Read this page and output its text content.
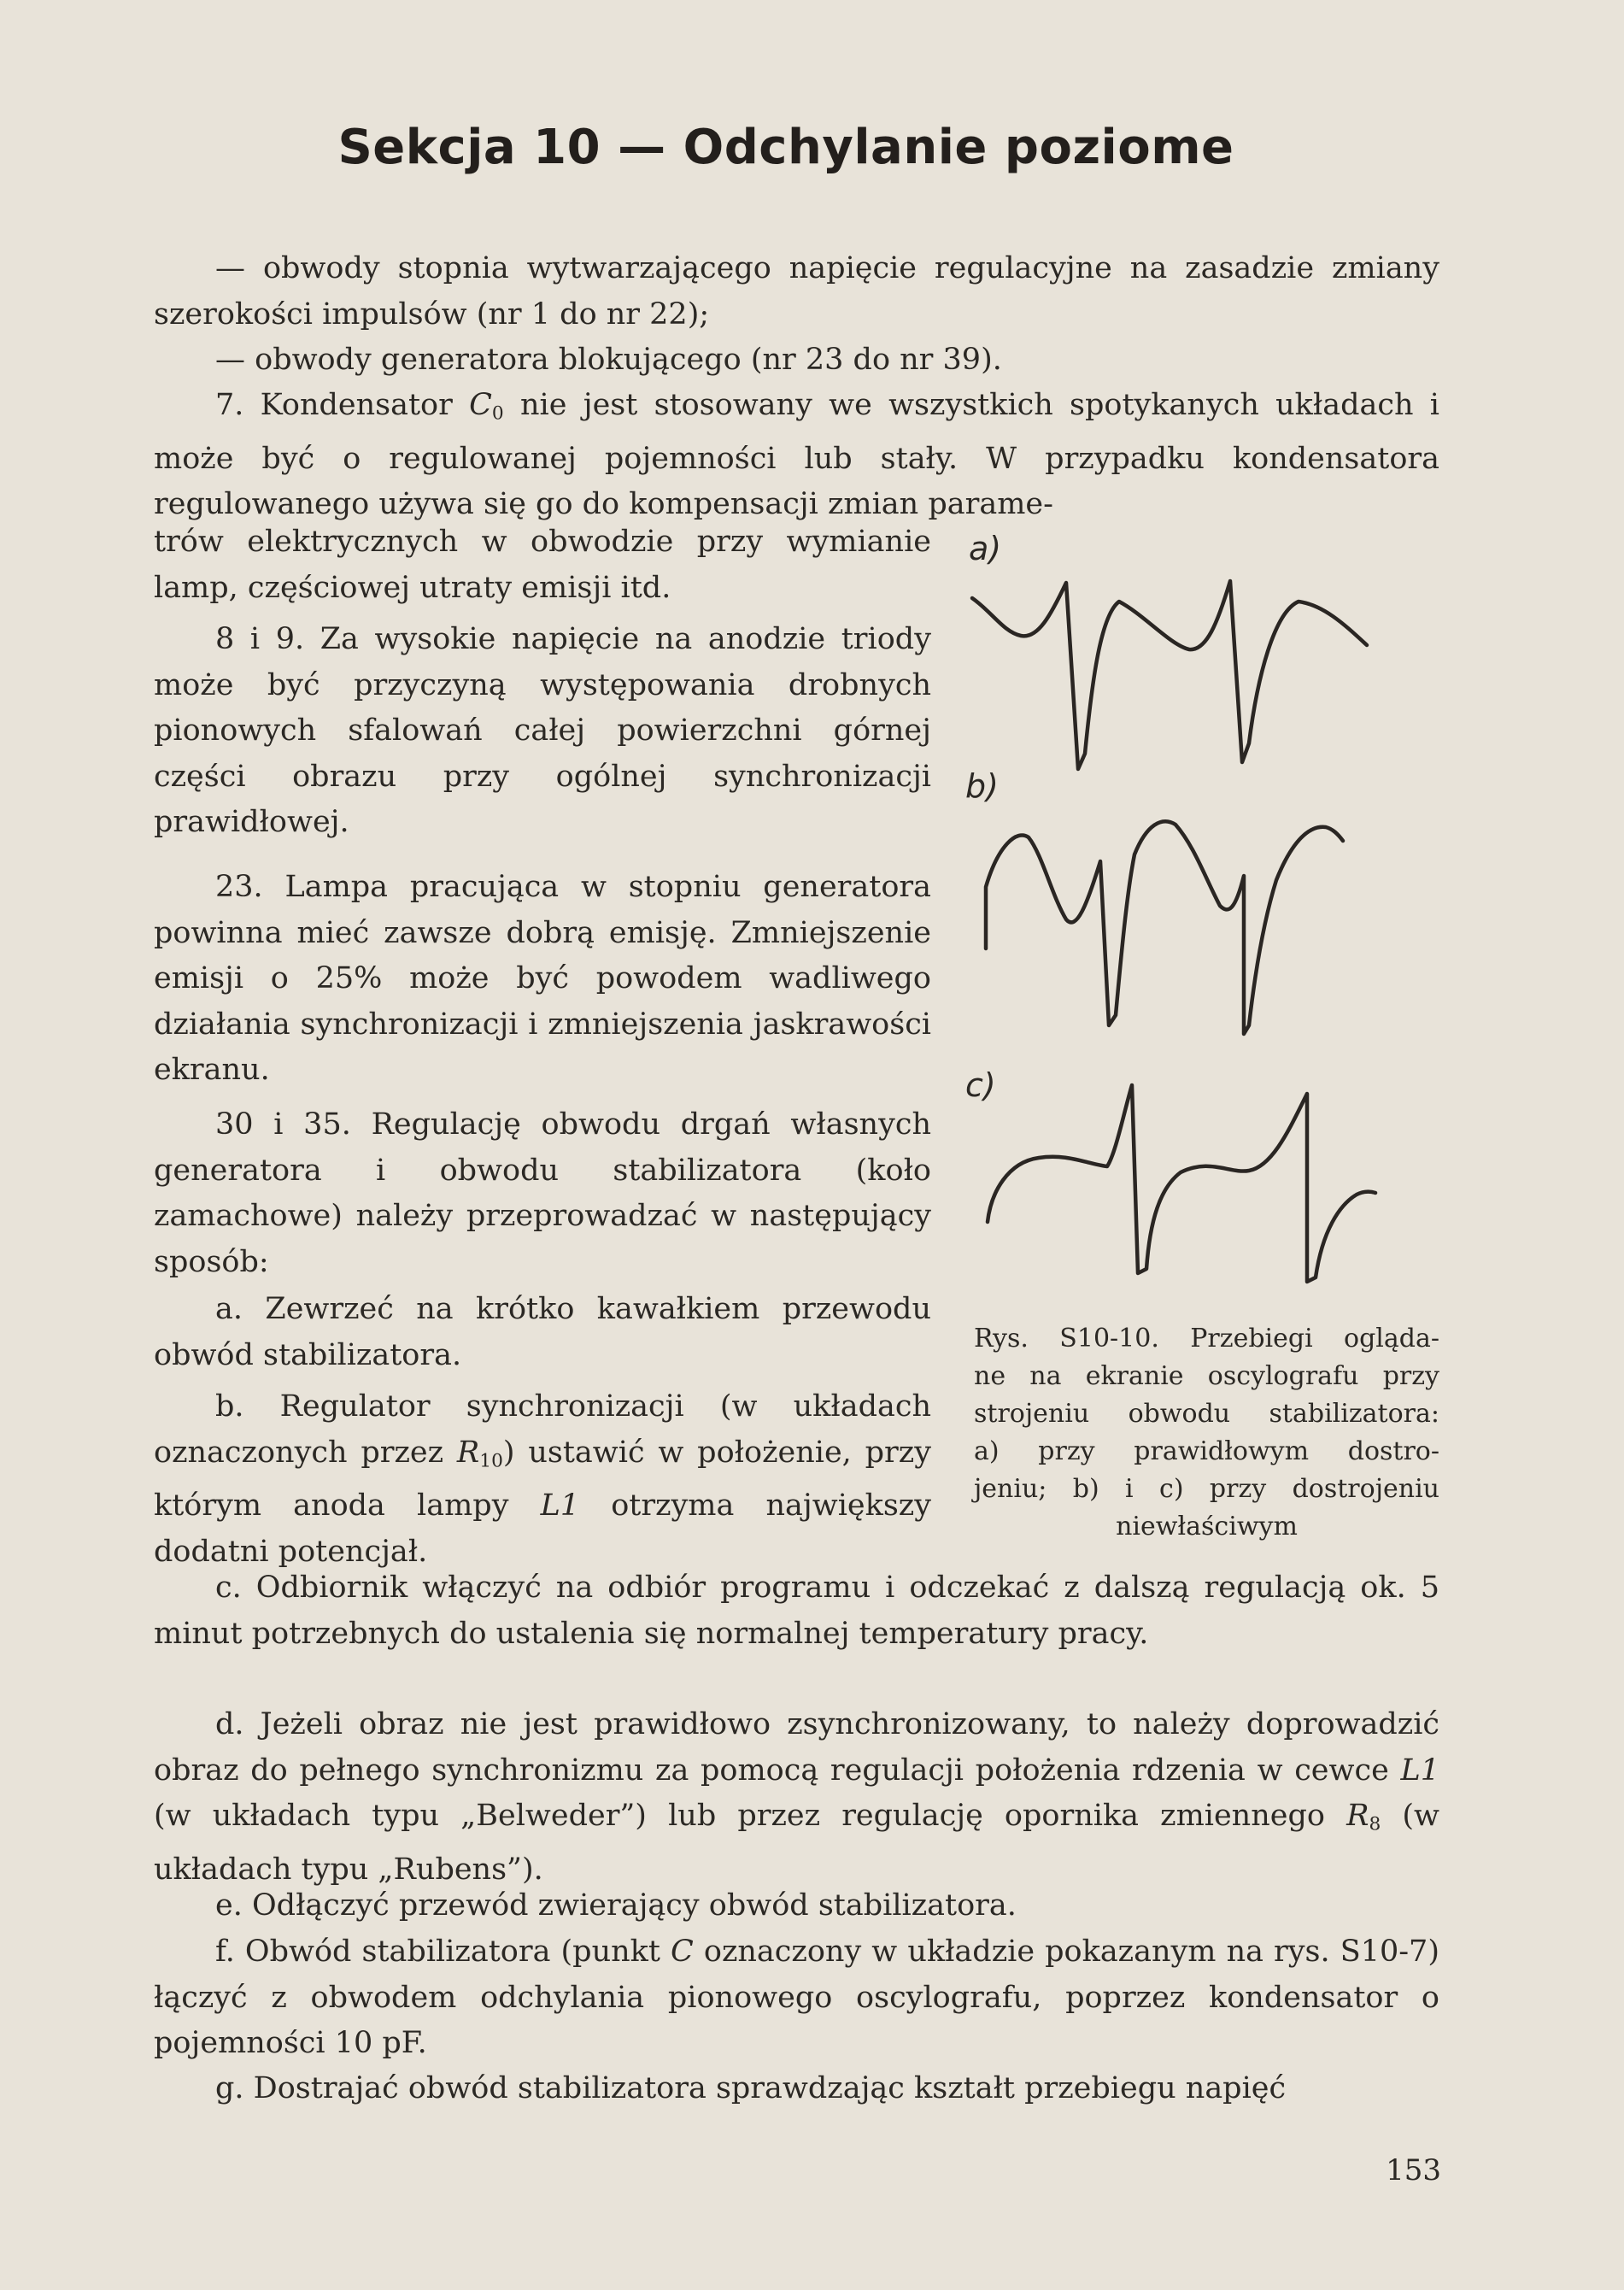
Sekcja 10 — Odchylanie poziome

— obwody stopnia wytwarzającego napięcie regulacyjne na zasadzie zmiany szerokości impulsów (nr 1 do nr 22);

— obwody generatora blokującego (nr 23 do nr 39).

7. Kondensator $C_0$ nie jest stosowany we wszystkich spotykanych układach i może być o regulowanej pojemności lub stały. W przypadku kondensatora regulowanego używa się go do kompensacji zmian parame-

trów elektrycznych w obwodzie przy wymianie lamp, częściowej utraty emisji itd.

8 i 9. Za wysokie napięcie na anodzie triody może być przyczyną występowania drobnych pionowych sfalowań całej powierzchni górnej części obrazu przy ogólnej synchronizacji prawidłowej.

23. Lampa pracująca w stopniu generatora powinna mieć zawsze dobrą emisję. Zmniejszenie emisji o 25% może być powodem wadliwego działania synchronizacji i zmniejszenia jaskrawości ekranu.

30 i 35. Regulację obwodu drgań własnych generatora i obwodu stabilizatora (koło zamachowe) należy przeprowadzać w następujący sposób:

a. Zewrzeć na krótko kawałkiem przewodu obwód stabilizatora.

b. Regulator synchronizacji (w układach oznaczonych przez $R_{10}$) ustawić w położenie, przy którym anoda lampy L1 otrzyma największy dodatni potencjał.

c. Odbiornik włączyć na odbiór programu i odczekać z dalszą regulacją ok. 5 minut potrzebnych do ustalenia się normalnej temperatury pracy.

d. Jeżeli obraz nie jest prawidłowo zsynchronizowany, to należy doprowadzić obraz do pełnego synchronizmu za pomocą regulacji położenia rdzenia w cewce L1 (w układach typu „Belweder”) lub przez regulację opornika zmiennego $R_8$ (w układach typu „Rubens”).

e. Odłączyć przewód zwierający obwód stabilizatora.

f. Obwód stabilizatora (punkt C oznaczony w układzie pokazanym na rys. S10-7) łączyć z obwodem odchylania pionowego oscylografu, poprzez kondensator o pojemności 10 pF.

g. Dostrajać obwód stabilizatora sprawdzając kształt przebiegu napięć

a)
b)
c)
Rys. S10-10. Przebiegi ogląda-
ne na ekranie oscylografu przy
strojeniu obwodu stabilizatora:
a) przy prawidłowym dostro-
jeniu; b) i c) przy dostrojeniu
niewłaściwym
153
